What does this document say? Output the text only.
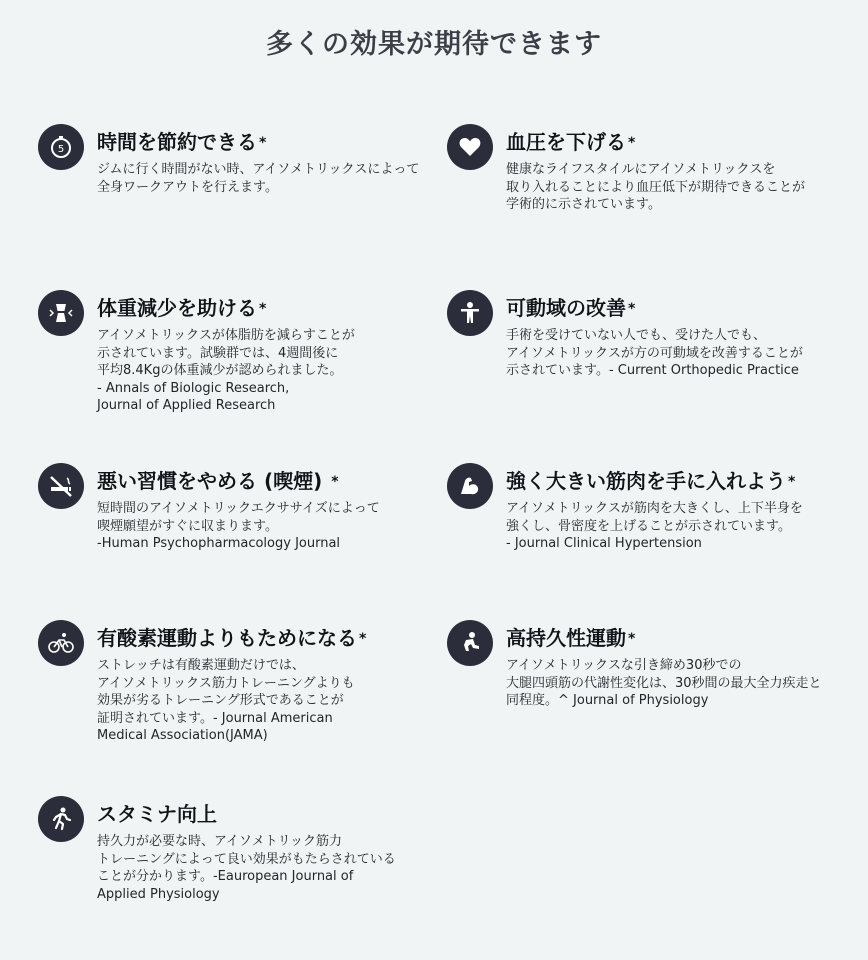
多くの効果が期待できます
5 時間を節約できる *
ジムに行く時間がない時、アイソメトリックスによって
全身ワークアウトを行えます。
血圧を下げる *
健康なライフスタイルにアイソメトリックスを
取り入れることにより血圧低下が期待できることが
学術的に示されています。
体重減少を助ける *
アイソメトリックスが体脂肪を減らすことが
示されています。試験群では、4週間後に
平均8.4Kgの体重減少が認められました。
- Annals of Biologic Research,
Journal of Applied Research
可動域の改善 *
手術を受けていない人でも、受けた人でも、
アイソメトリックスが方の可動域を改善することが
示されています。- Current Orthopedic Practice
悪い習慣をやめる (喫煙) *
短時間のアイソメトリックエクササイズによって
喫煙願望がすぐに収まります。
-Human Psychopharmacology Journal
強く大きい筋肉を手に入れよう *
アイソメトリックスが筋肉を大きくし、上下半身を
強くし、骨密度を上げることが示されています。
- Journal Clinical Hypertension
有酸素運動よりもためになる *
ストレッチは有酸素運動だけでは、
アイソメトリックス筋力トレーニングよりも
効果が劣るトレーニング形式であることが
証明されています。- Journal American
Medical Association(JAMA)
高持久性運動 *
アイソメトリックスな引き締め30秒での
大腿四頭筋の代謝性変化は、30秒間の最大全力疾走と
同程度。^ Journal of Physiology
スタミナ向上
持久力が必要な時、アイソメトリック筋力
トレーニングによって良い効果がもたらされている
ことが分かります。-Eauropean Journal of
Applied Physiology
